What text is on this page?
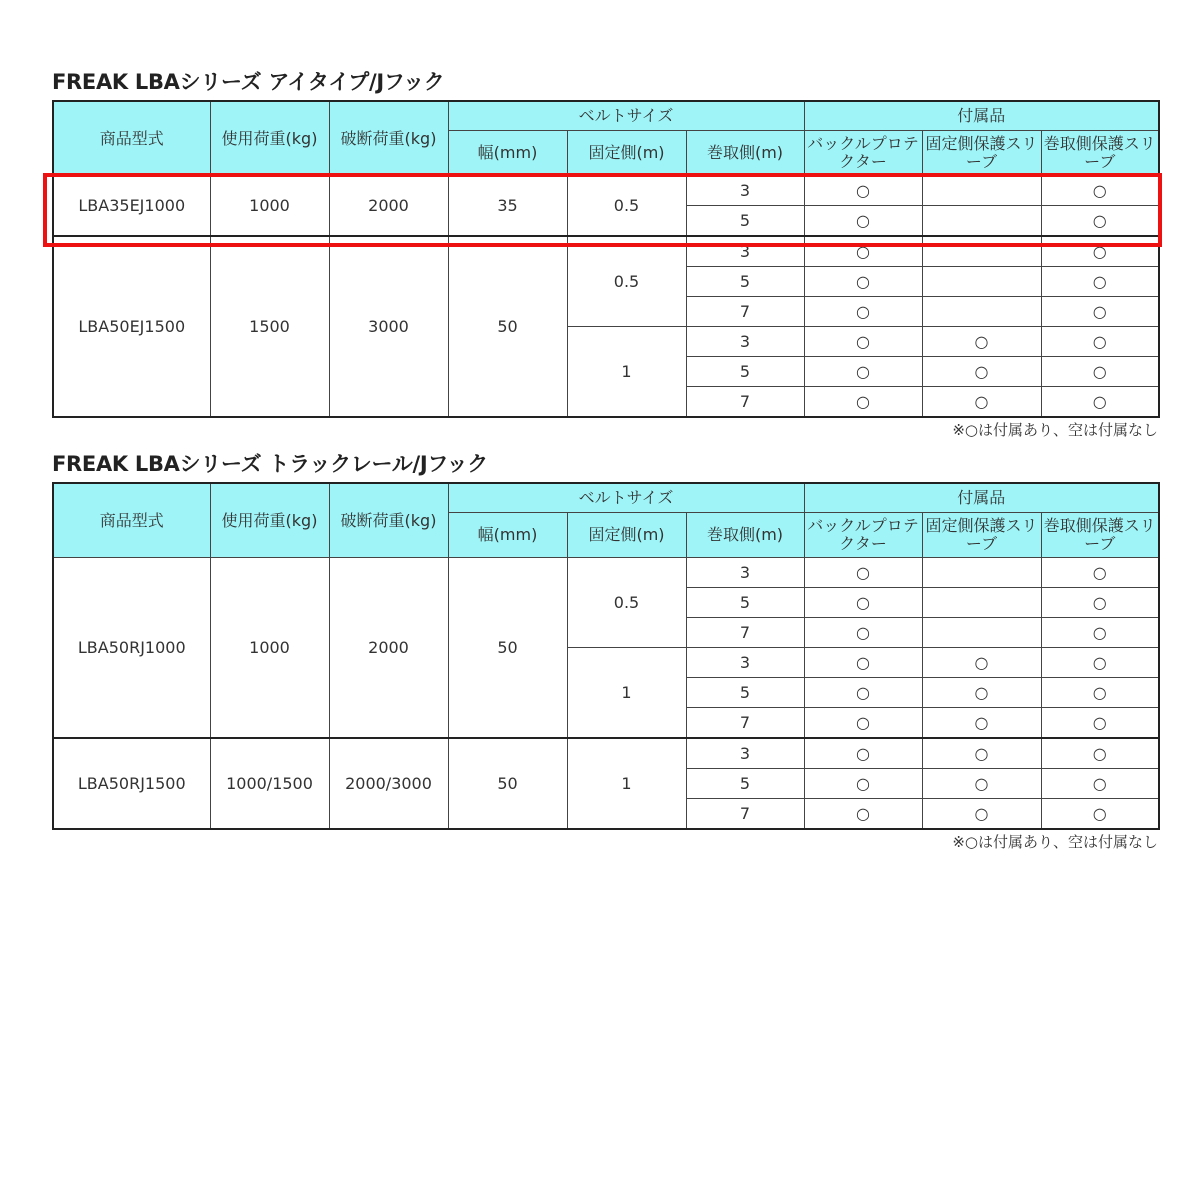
FREAK LBAシリーズ アイタイプ/Jフック
商品型式	使用荷重(kg)	破断荷重(kg)	ベルトサイズ			付属品		
			幅(mm)	固定側(m)	巻取側(m)	バックルプロテクター	固定側保護スリーブ	巻取側保護スリーブ
LBA35EJ1000	1000	2000	35	0.5	3	○		○
					5	○		○
LBA50EJ1500	1500	3000	50	0.5	3	○		○
					5	○		○
					7	○		○
				1	3	○	○	○
					5	○	○	○
					7	○	○	○
※○は付属あり、空は付属なし
FREAK LBAシリーズ トラックレール/Jフック
商品型式	使用荷重(kg)	破断荷重(kg)	ベルトサイズ			付属品		
			幅(mm)	固定側(m)	巻取側(m)	バックルプロテクター	固定側保護スリーブ	巻取側保護スリーブ
LBA50RJ1000	1000	2000	50	0.5	3	○		○
					5	○		○
					7	○		○
				1	3	○	○	○
					5	○	○	○
					7	○	○	○
LBA50RJ1500	1000/1500	2000/3000	50	1	3	○	○	○
					5	○	○	○
					7	○	○	○
※○は付属あり、空は付属なし
